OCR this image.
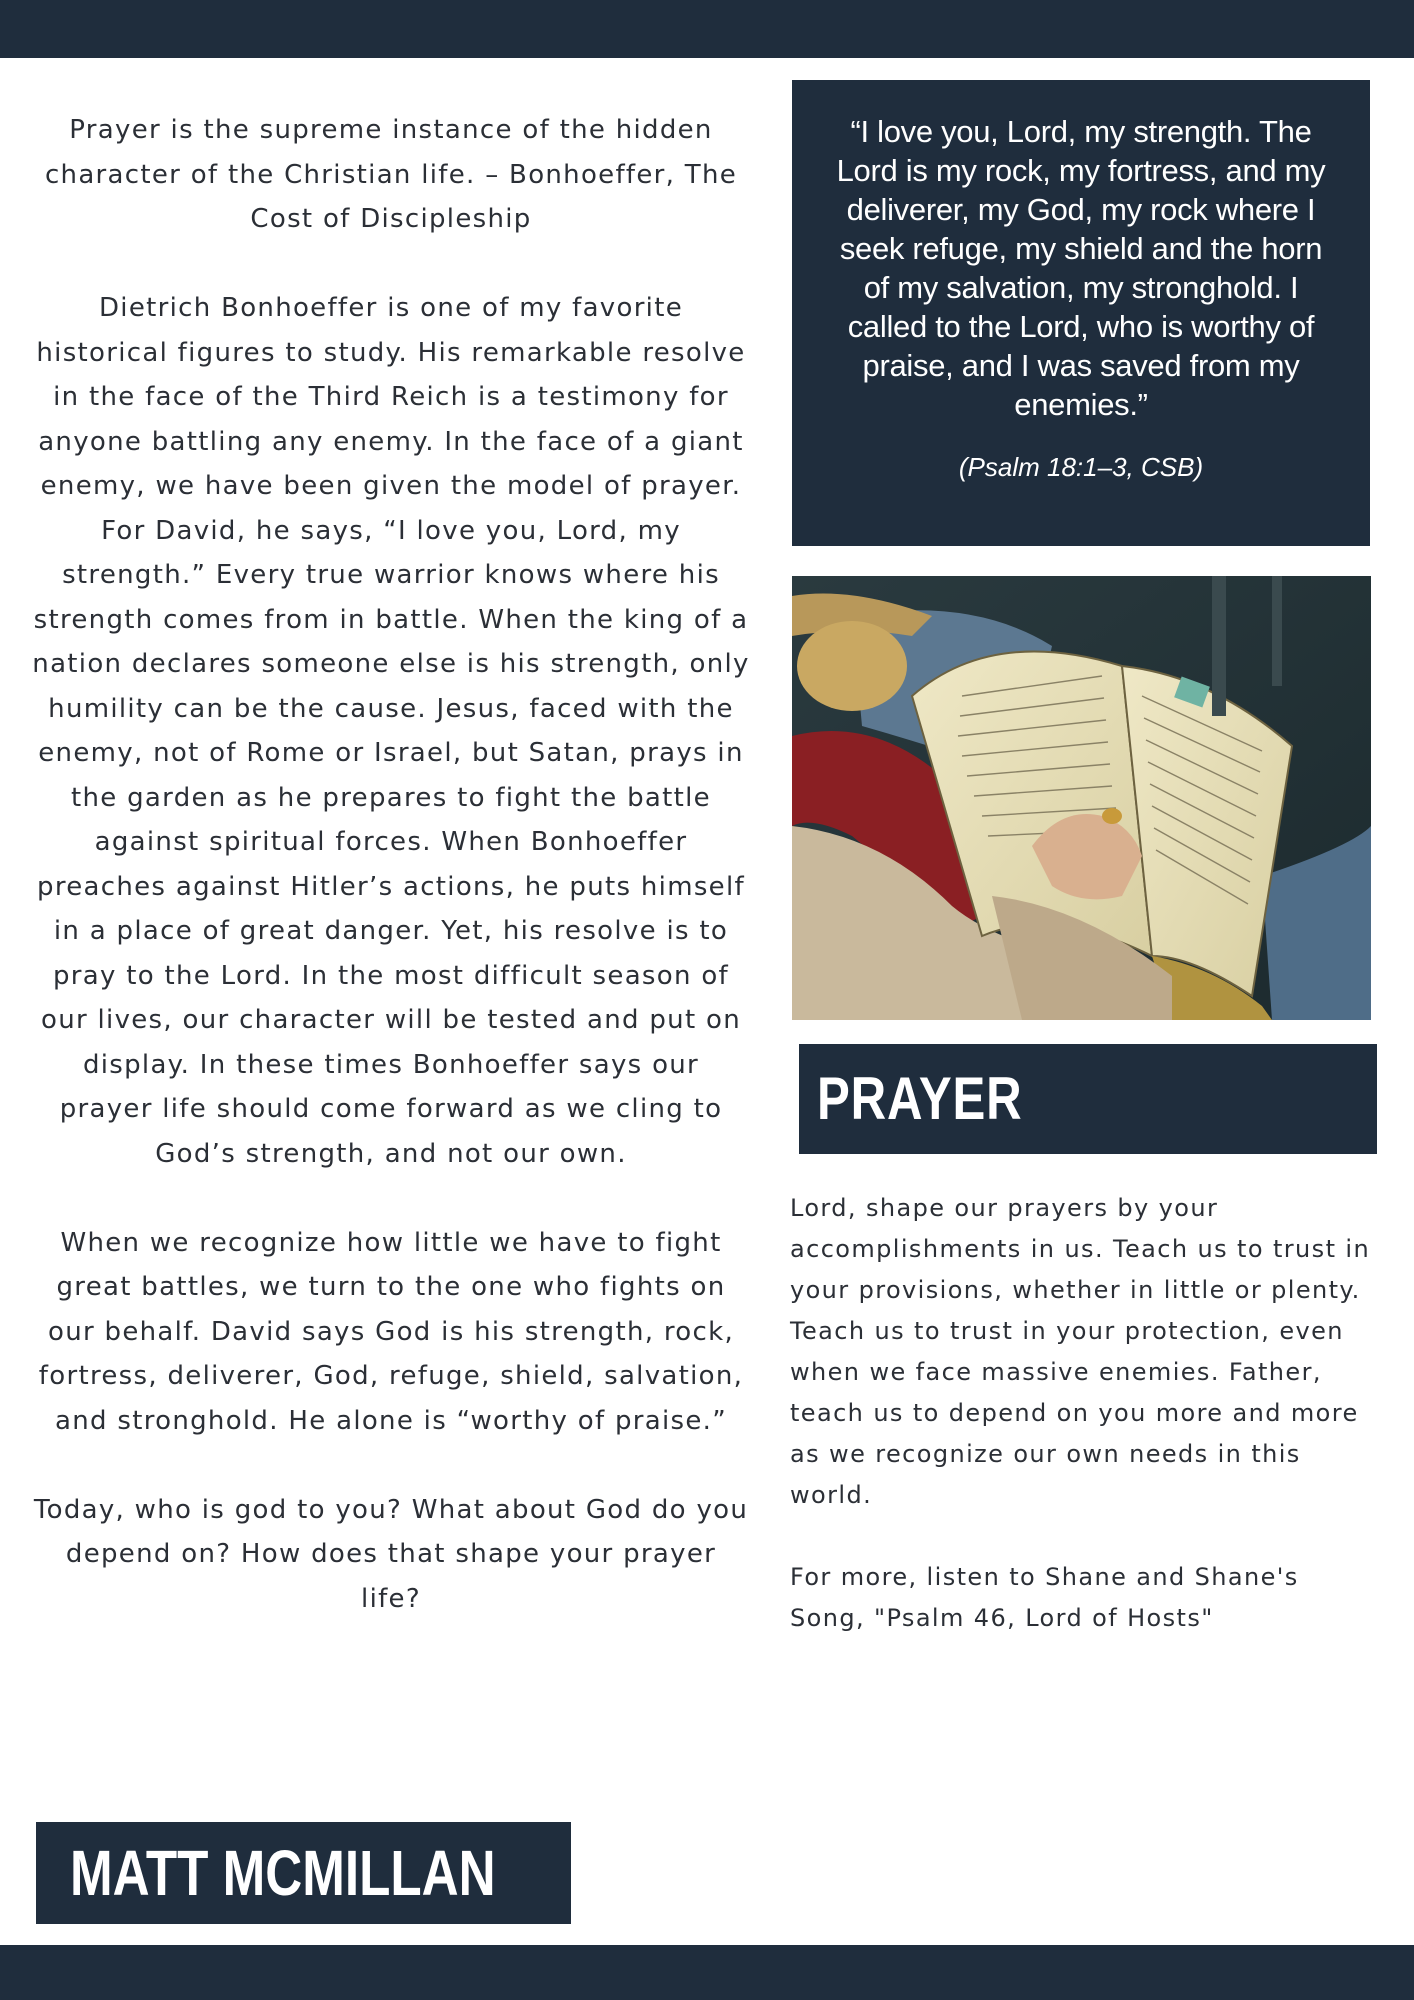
Prayer is the supreme instance of the hidden character of the Christian life. – Bonhoeffer, The Cost of Discipleship

Dietrich Bonhoeffer is one of my favorite historical figures to study. His remarkable resolve in the face of the Third Reich is a testimony for anyone battling any enemy. In the face of a giant enemy, we have been given the model of prayer. For David, he says, “I love you, Lord, my strength.” Every true warrior knows where his strength comes from in battle. When the king of a nation declares someone else is his strength, only humility can be the cause. Jesus, faced with the enemy, not of Rome or Israel, but Satan, prays in the garden as he prepares to fight the battle against spiritual forces. When Bonhoeffer preaches against Hitler’s actions, he puts himself in a place of great danger. Yet, his resolve is to pray to the Lord. In the most difficult season of our lives, our character will be tested and put on display. In these times Bonhoeffer says our prayer life should come forward as we cling to God’s strength, and not our own.

When we recognize how little we have to fight great battles, we turn to the one who fights on our behalf. David says God is his strength, rock, fortress, deliverer, God, refuge, shield, salvation, and stronghold. He alone is “worthy of praise.”

Today, who is god to you? What about God do you depend on? How does that shape your prayer life?

“I love you, Lord, my strength. The Lord is my rock, my fortress, and my deliverer, my God, my rock where I seek refuge, my shield and the horn of my salvation, my stronghold. I called to the Lord, who is worthy of praise, and I was saved from my enemies.”

(Psalm 18:1–3, CSB)

PRAYER

Lord, shape our prayers by your accomplishments in us. Teach us to trust in your provisions, whether in little or plenty. Teach us to trust in your protection, even when we face massive enemies. Father, teach us to depend on you more and more as we recognize our own needs in this world.

For more, listen to Shane and Shane's Song, "Psalm 46, Lord of Hosts"

MATT MCMILLAN
